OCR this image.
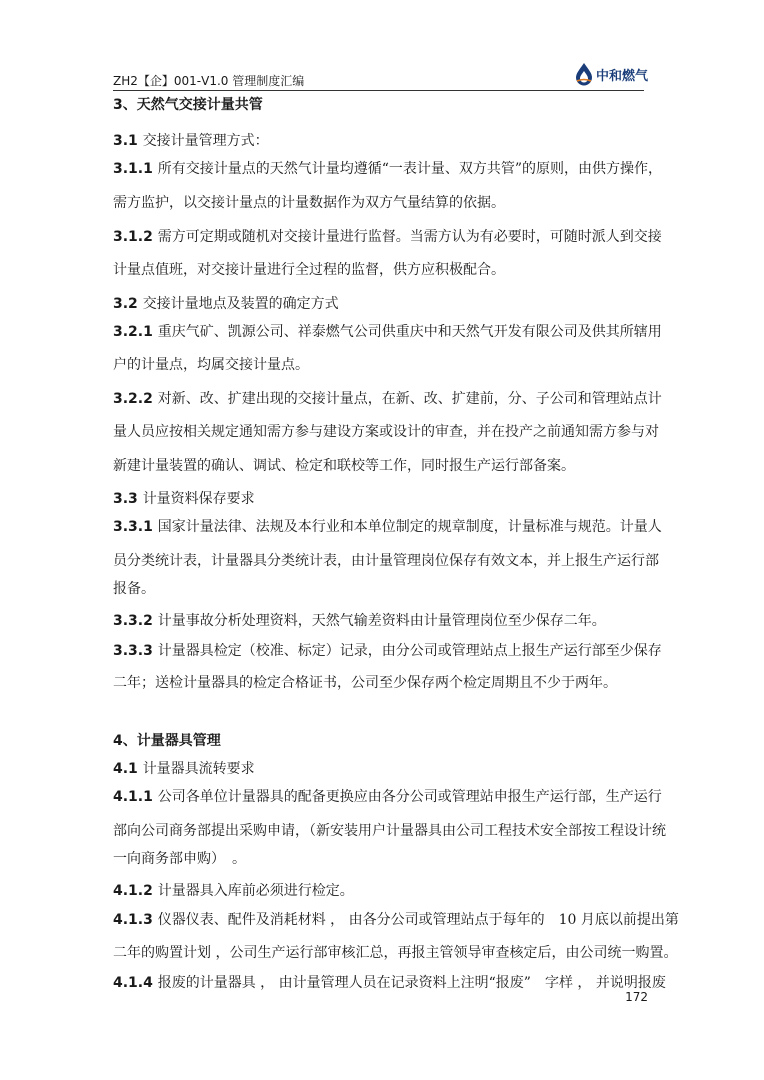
ZH2【企】001-V1.0 管理制度汇编	中和燃气
3、天然气交接计量共管
3.1 交接计量管理方式：
3.1.1 所有交接计量点的天然气计量均遵循“一表计量、双方共管”的原则，由供方操作，
需方监护，以交接计量点的计量数据作为双方气量结算的依据。
3.1.2 需方可定期或随机对交接计量进行监督。当需方认为有必要时，可随时派人到交接
计量点值班，对交接计量进行全过程的监督，供方应积极配合。
3.2 交接计量地点及装置的确定方式
3.2.1 重庆气矿、凯源公司、祥泰燃气公司供重庆中和天然气开发有限公司及供其所辖用
户的计量点，均属交接计量点。
3.2.2 对新、改、扩建出现的交接计量点，在新、改、扩建前，分、子公司和管理站点计
量人员应按相关规定通知需方参与建设方案或设计的审查，并在投产之前通知需方参与对
新建计量装置的确认、调试、检定和联校等工作，同时报生产运行部备案。
3.3 计量资料保存要求
3.3.1 国家计量法律、法规及本行业和本单位制定的规章制度，计量标准与规范。计量人
员分类统计表，计量器具分类统计表，由计量管理岗位保存有效文本，并上报生产运行部
报备。
3.3.2 计量事故分析处理资料，天然气输差资料由计量管理岗位至少保存二年。
3.3.3 计量器具检定（校准、标定）记录，由分公司或管理站点上报生产运行部至少保存
二年；送检计量器具的检定合格证书，公司至少保存两个检定周期且不少于两年。
4、计量器具管理
4.1 计量器具流转要求
4.1.1 公司各单位计量器具的配备更换应由各分公司或管理站申报生产运行部，生产运行
部向公司商务部提出采购申请，（新安装用户计量器具由公司工程技术安全部按工程设计统
一向商务部申购）　。
4.1.2 计量器具入库前必须进行检定。
4.1.3 仪器仪表、配件及消耗材料 ， 由各分公司或管理站点于每年的　10 月底以前提出第
二年的购置计划 ，公司生产运行部审核汇总，再报主管领导审查核定后，由公司统一购置。
4.1.4 报废的计量器具 ， 由计量管理人员在记录资料上注明“报废”　字样 ， 并说明报废
172
